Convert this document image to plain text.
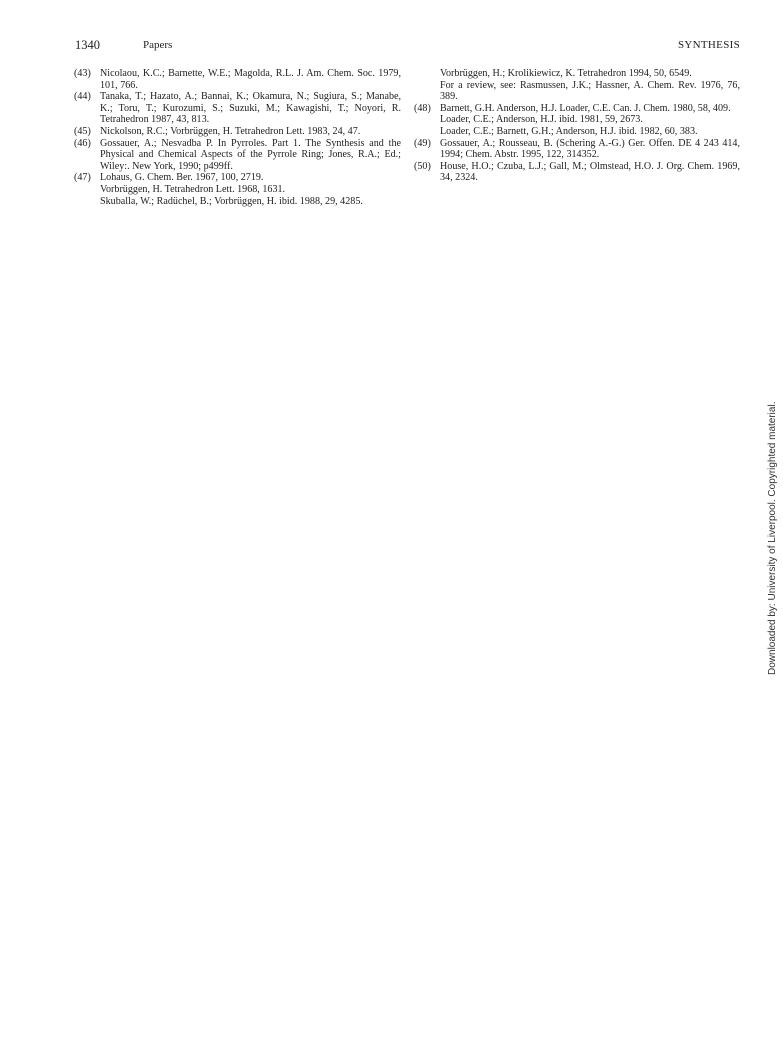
1340	Papers	SYNTHESIS
(43) Nicolaou, K.C.; Barnette, W.E.; Magolda, R.L. J. Am. Chem. Soc. 1979, 101, 766.
(44) Tanaka, T.; Hazato, A.; Bannai, K.; Okamura, N.; Sugiura, S.; Manabe, K.; Toru, T.; Kurozumi, S.; Suzuki, M.; Kawagishi, T.; Noyori, R. Tetrahedron 1987, 43, 813.
(45) Nickolson, R.C.; Vorbrüggen, H. Tetrahedron Lett. 1983, 24, 47.
(46) Gossauer, A.; Nesvadba P. In Pyrroles. Part 1. The Synthesis and the Physical and Chemical Aspects of the Pyrrole Ring; Jones, R.A.; Ed.; Wiley:. New York, 1990; p499ff.
(47) Lohaus, G. Chem. Ber. 1967, 100, 2719.
Vorbrüggen, H. Tetrahedron Lett. 1968, 1631.
Skuballa, W.; Radüchel, B.; Vorbrüggen, H. ibid. 1988, 29, 4285.
Vorbrüggen, H.; Krolikiewicz, K. Tetrahedron 1994, 50, 6549.
For a review, see: Rasmussen, J.K.; Hassner, A. Chem. Rev. 1976, 76, 389.
(48) Barnett, G.H. Anderson, H.J. Loader, C.E. Can. J. Chem. 1980, 58, 409.
Loader, C.E.; Anderson, H.J. ibid. 1981, 59, 2673.
Loader, C.E.; Barnett, G.H.; Anderson, H.J. ibid. 1982, 60, 383.
(49) Gossauer, A.; Rousseau, B. (Schering A.-G.) Ger. Offen. DE 4 243 414, 1994; Chem. Abstr. 1995, 122, 314352.
(50) House, H.O.; Czuba, L.J.; Gall, M.; Olmstead, H.O. J. Org. Chem. 1969, 34, 2324.
Downloaded by: University of Liverpool. Copyrighted material.
